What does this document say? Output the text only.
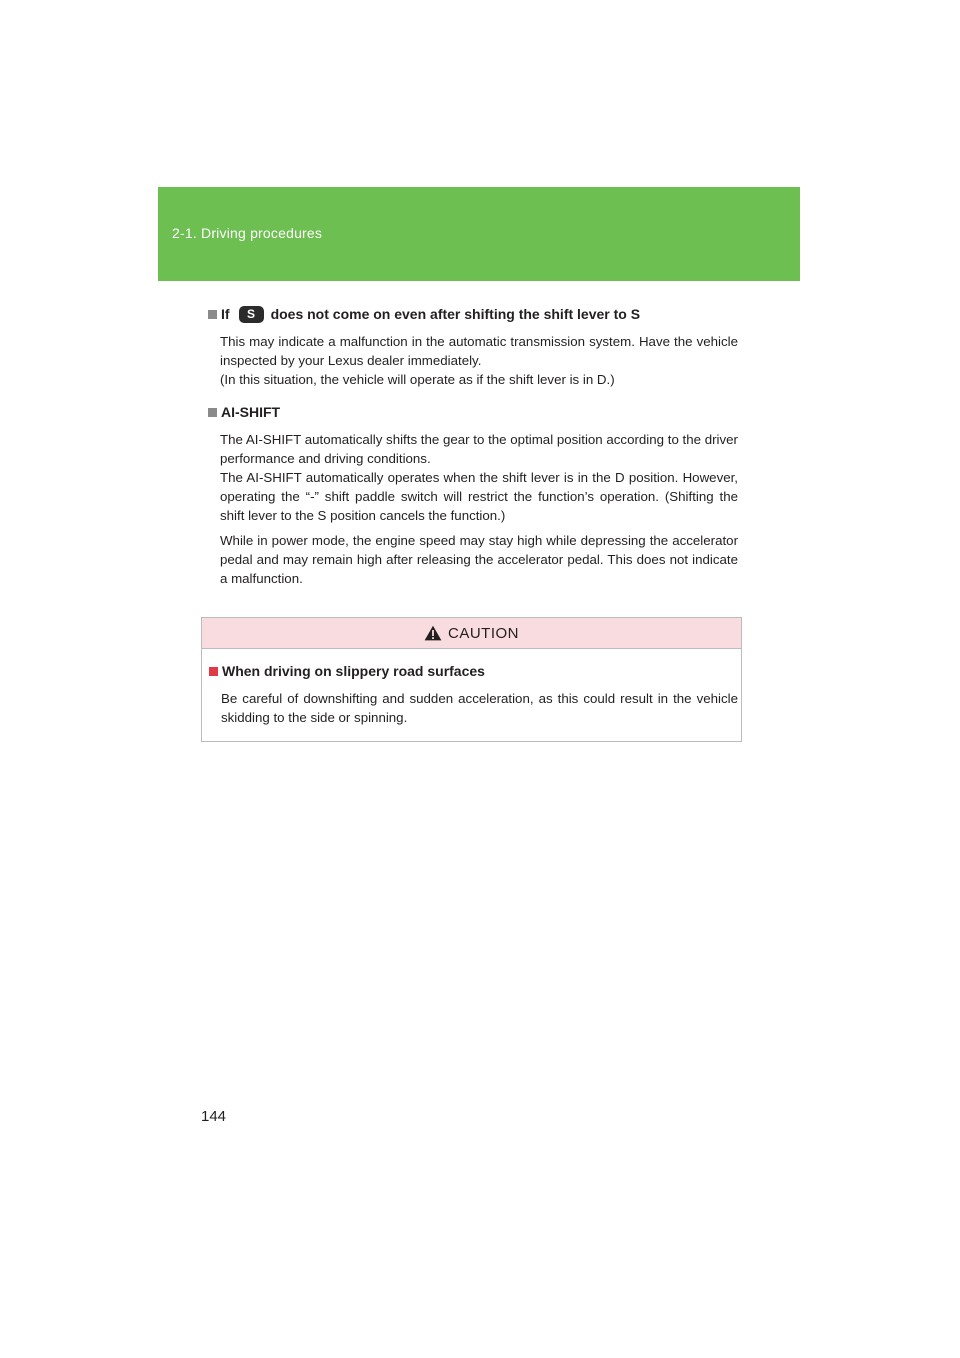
2-1. Driving procedures
If	S	does not come on even after shifting the shift lever to S
This may indicate a malfunction in the automatic transmission system. Have the vehicle inspected by your Lexus dealer immediately.
(In this situation, the vehicle will operate as if the shift lever is in D.)
AI-SHIFT
The AI-SHIFT automatically shifts the gear to the optimal position according to the driver performance and driving conditions.
The AI-SHIFT automatically operates when the shift lever is in the D position. However, operating the “-” shift paddle switch will restrict the function’s operation. (Shifting the shift lever to the S position cancels the function.)
While in power mode, the engine speed may stay high while depressing the accelerator pedal and may remain high after releasing the accelerator pedal. This does not indicate a malfunction.
CAUTION
When driving on slippery road surfaces
Be careful of downshifting and sudden acceleration, as this could result in the vehicle skidding to the side or spinning.
144
